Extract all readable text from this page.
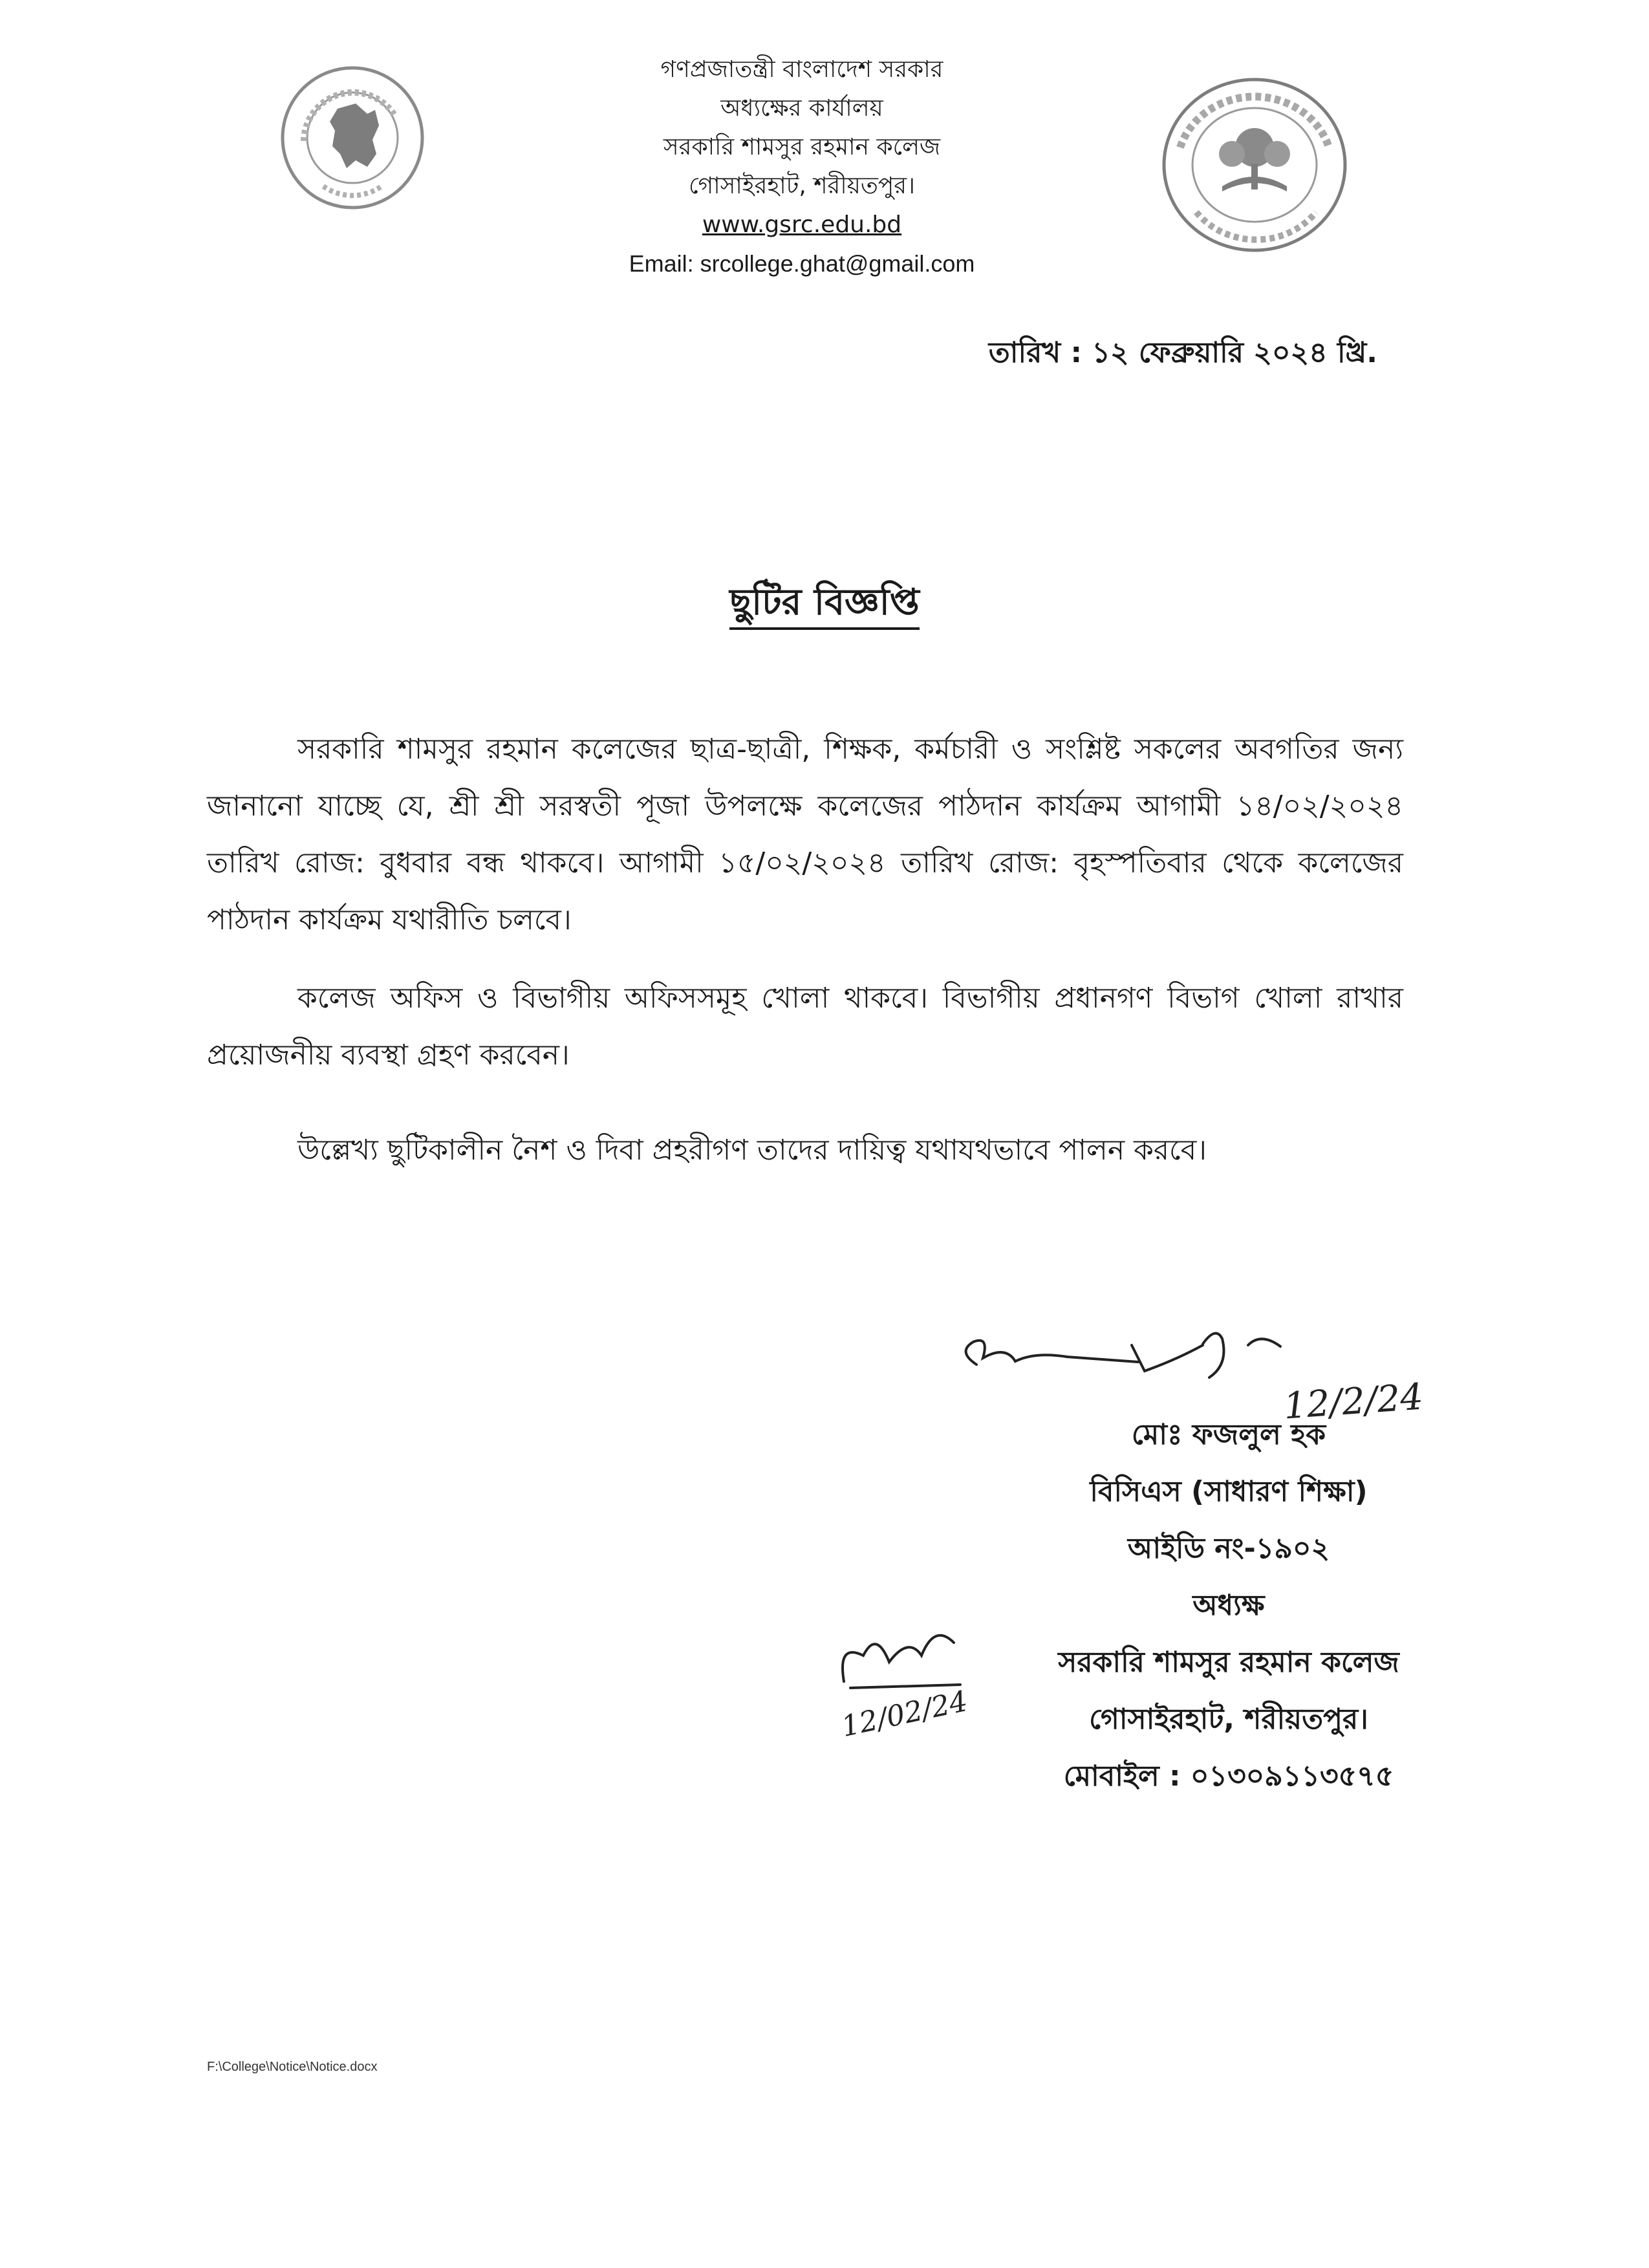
গণপ্রজাতন্ত্রী বাংলাদেশ সরকার
অধ্যক্ষের কার্যালয়
সরকারি শামসুর রহমান কলেজ
গোসাইরহাট, শরীয়তপুর।
www.gsrc.edu.bd
Email: srcollege.ghat@gmail.com
তারিখ : ১২ ফেব্রুয়ারি ২০২৪ খ্রি.
ছুটির বিজ্ঞপ্তি
সরকারি শামসুর রহমান কলেজের ছাত্র-ছাত্রী, শিক্ষক, কর্মচারী ও সংশ্লিষ্ট সকলের অবগতির জন্য জানানো যাচ্ছে যে, শ্রী শ্রী সরস্বতী পূজা উপলক্ষে কলেজের পাঠদান কার্যক্রম আগামী ১৪/০২/২০২৪ তারিখ রোজ: বুধবার বন্ধ থাকবে। আগামী ১৫/০২/২০২৪ তারিখ রোজ: বৃহস্পতিবার থেকে কলেজের পাঠদান কার্যক্রম যথারীতি চলবে।
কলেজ অফিস ও বিভাগীয় অফিসসমূহ খোলা থাকবে। বিভাগীয় প্রধানগণ বিভাগ খোলা রাখার প্রয়োজনীয় ব্যবস্থা গ্রহণ করবেন।
উল্লেখ্য ছুটিকালীন নৈশ ও দিবা প্রহরীগণ তাদের দায়িত্ব যথাযথভাবে পালন করবে।
12/2/24
মোঃ ফজলুল হক
বিসিএস (সাধারণ শিক্ষা)
আইডি নং-১৯০২
অধ্যক্ষ
সরকারি শামসুর রহমান কলেজ
গোসাইরহাট, শরীয়তপুর।
মোবাইল : ০১৩০৯১১৩৫৭৫
12/02/24
F:\College\Notice\Notice.docx
